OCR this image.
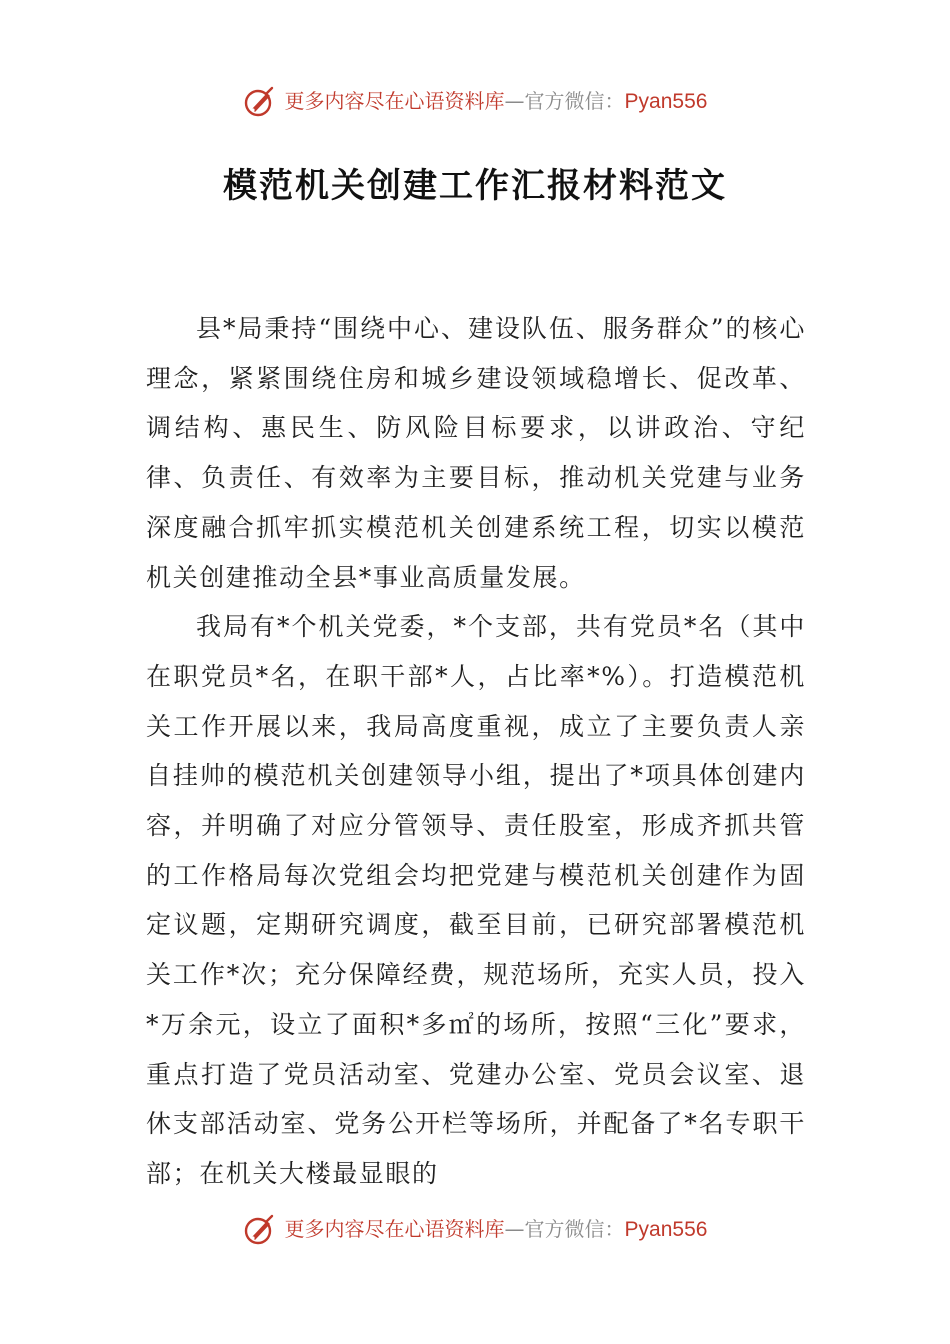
更多内容尽在心语资料库 — 官方微信： Pyan556
模范机关创建工作汇报材料范文

县*局秉持“围绕中心、建设队伍、服务群众”的核心理念，紧紧围绕住房和城乡建设领域稳增长、促改革、调结构、惠民生、防风险目标要求，以讲政治、守纪律、负责任、有效率为主要目标，推动机关党建与业务深度融合抓牢抓实模范机关创建系统工程，切实以模范机关创建推动全县*事业高质量发展。

我局有*个机关党委，*个支部，共有党员*名（其中在职党员*名，在职干部*人，占比率*%）。打造模范机关工作开展以来，我局高度重视，成立了主要负责人亲自挂帅的模范机关创建领导小组，提出了*项具体创建内容，并明确了对应分管领导、责任股室，形成齐抓共管的工作格局每次党组会均把党建与模范机关创建作为固定议题，定期研究调度，截至目前，已研究部署模范机关工作*次；充分保障经费，规范场所，充实人员，投入*万余元，设立了面积*多㎡的场所，按照“三化”要求，重点打造了党员活动室、党建办公室、党员会议室、退休支部活动室、党务公开栏等场所，并配备了*名专职干部；在机关大楼最显眼的

更多内容尽在心语资料库 — 官方微信： Pyan556
